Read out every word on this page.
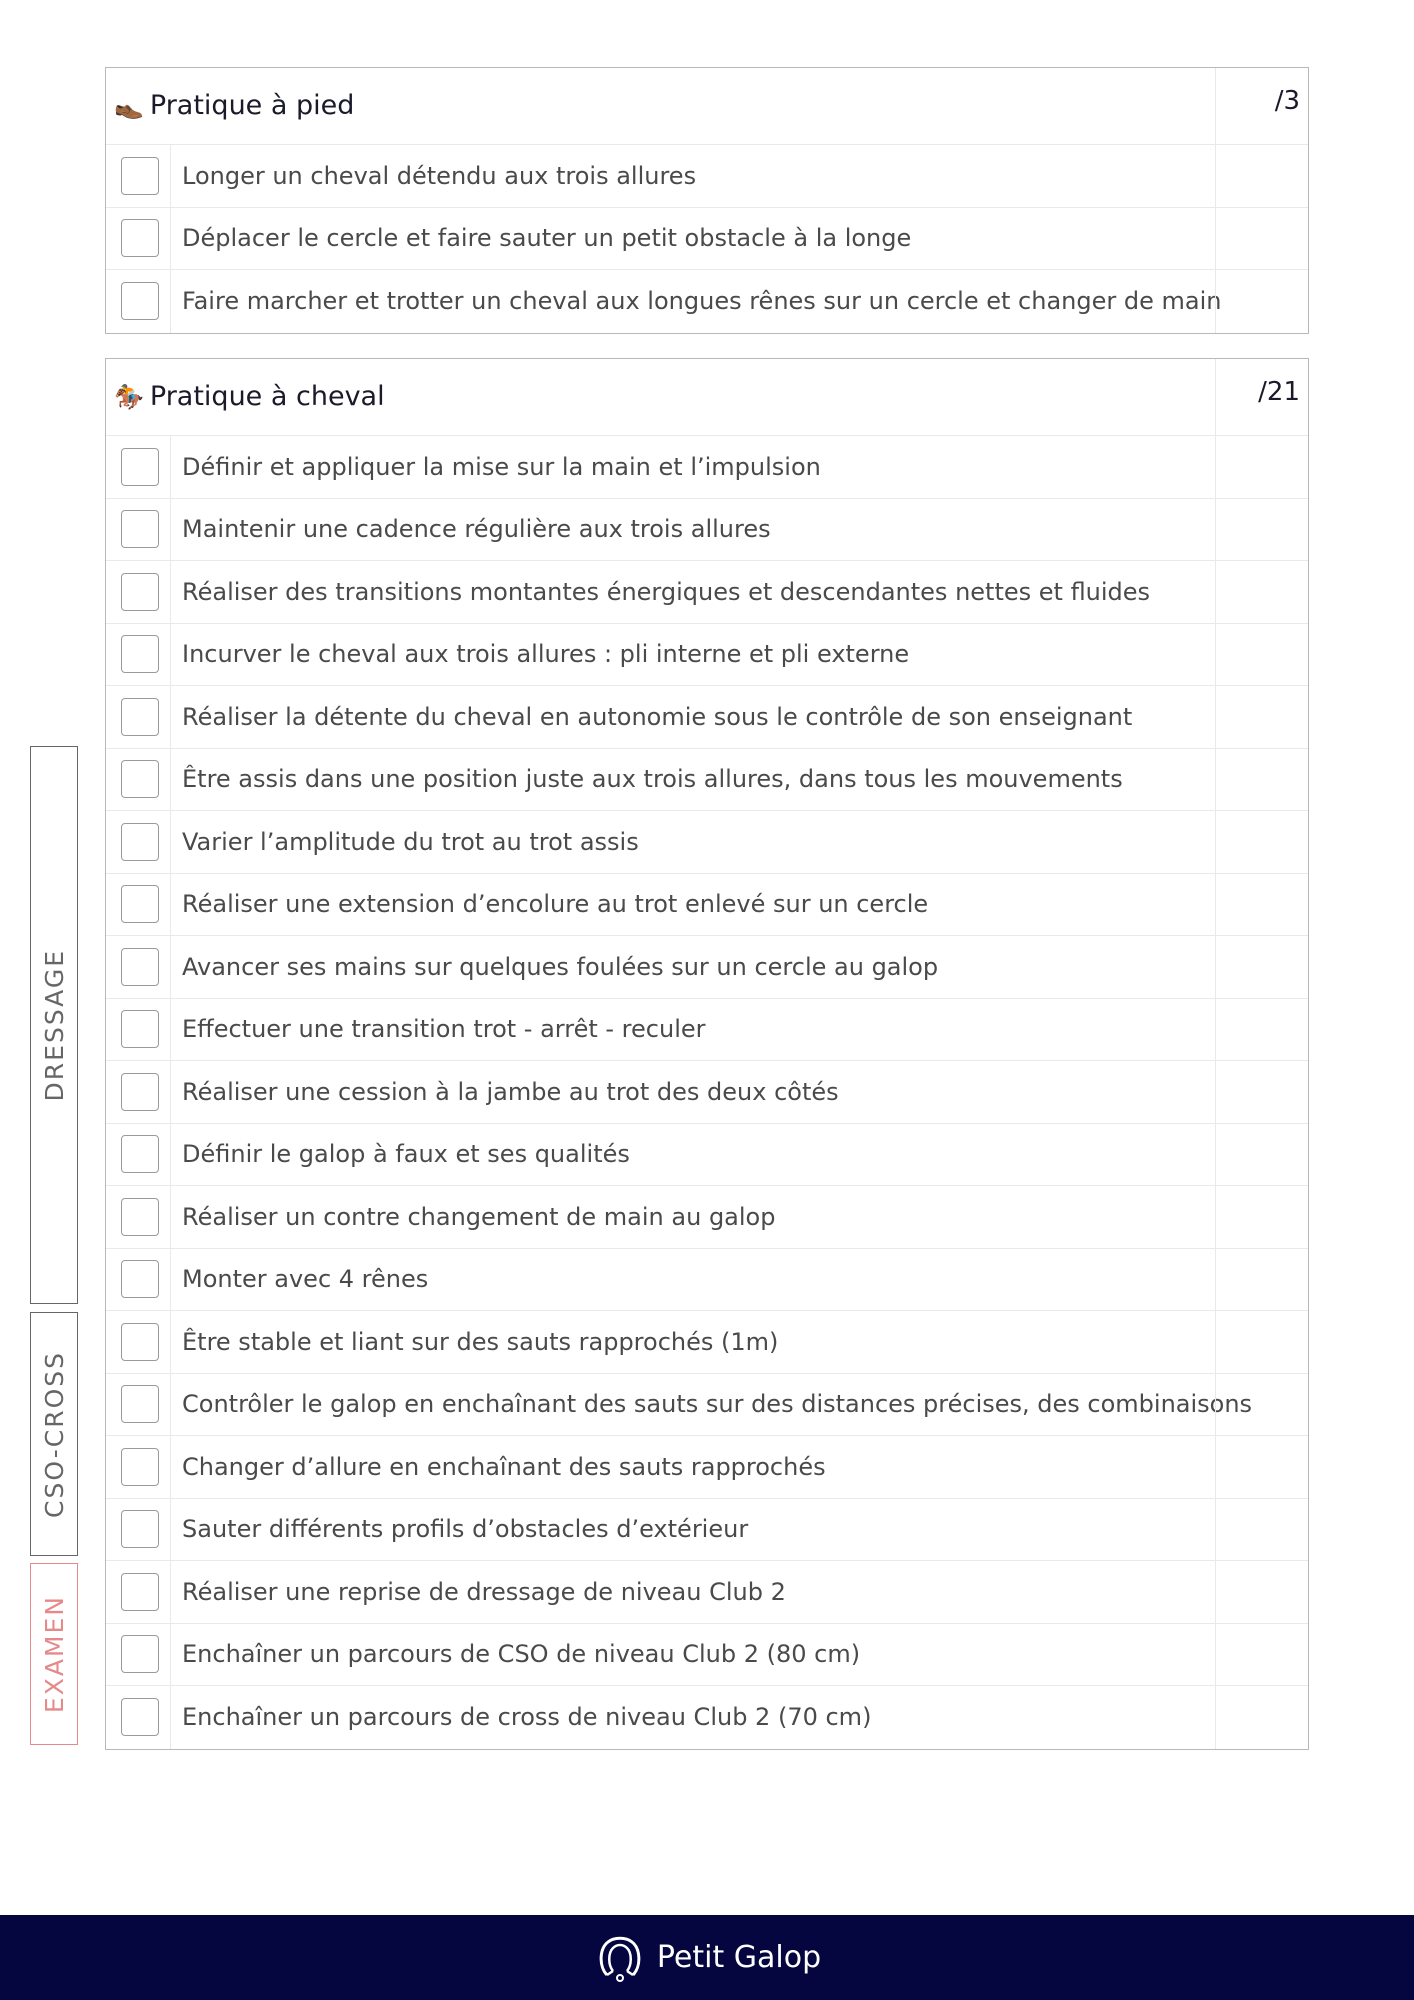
👞 Pratique à pied	/3
Longer un cheval détendu aux trois allures
Déplacer le cercle et faire sauter un petit obstacle à la longe
Faire marcher et trotter un cheval aux longues rênes sur un cercle et changer de main
🏇 Pratique à cheval	/21
Définir et appliquer la mise sur la main et l’impulsion
Maintenir une cadence régulière aux trois allures
Réaliser des transitions montantes énergiques et descendantes nettes et fluides
Incurver le cheval aux trois allures : pli interne et pli externe
Réaliser la détente du cheval en autonomie sous le contrôle de son enseignant
Être assis dans une position juste aux trois allures, dans tous les mouvements
Varier l’amplitude du trot au trot assis
Réaliser une extension d’encolure au trot enlevé sur un cercle
Avancer ses mains sur quelques foulées sur un cercle au galop
Effectuer une transition trot - arrêt - reculer
Réaliser une cession à la jambe au trot des deux côtés
Définir le galop à faux et ses qualités
Réaliser un contre changement de main au galop
Monter avec 4 rênes
Être stable et liant sur des sauts rapprochés (1m)
Contrôler le galop en enchaînant des sauts sur des distances précises, des combinaisons
Changer d’allure en enchaînant des sauts rapprochés
Sauter différents profils d’obstacles d’extérieur
Réaliser une reprise de dressage de niveau Club 2
Enchaîner un parcours de CSO de niveau Club 2 (80 cm)
Enchaîner un parcours de cross de niveau Club 2 (70 cm)
DRESSAGE
CSO-CROSS
EXAMEN
Petit Galop
